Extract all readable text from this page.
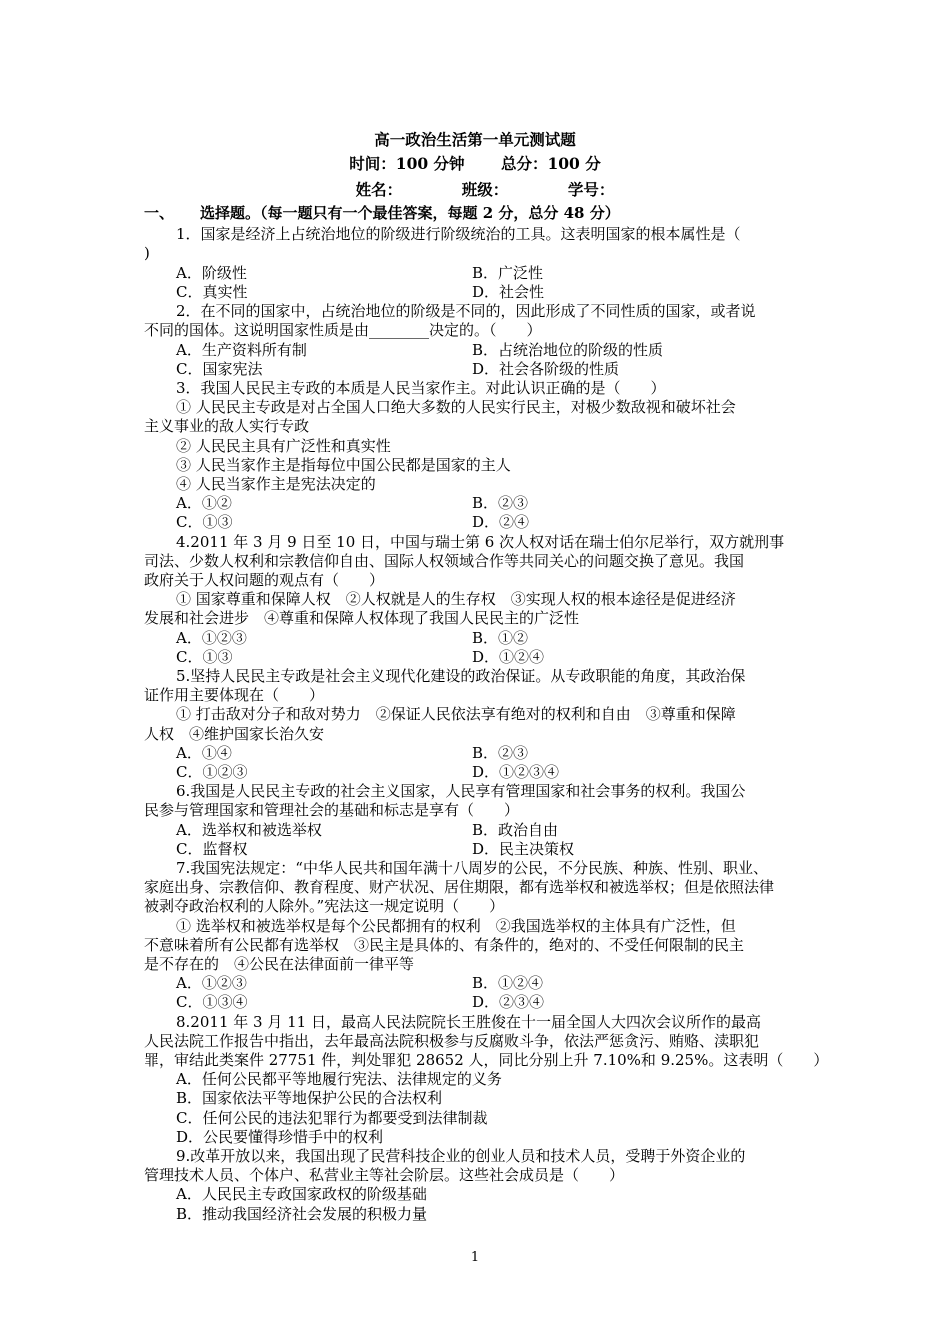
高一政治生活第一单元测试题
时间：100 分钟　　 总分：100 分
姓名：　　　　 班级：　　　　 学号：
一、 选择题。（每一题只有一个最佳答案，每题 2 分，总分 48 分）
1．国家是经济上占统治地位的阶级进行阶级统治的工具。这表明国家的根本属性是（
)
A．阶级性	B．广泛性
C．真实性	D．社会性
2．在不同的国家中，占统治地位的阶级是不同的，因此形成了不同性质的国家，或者说
不同的国体。这说明国家性质是由________决定的。（　　）
A．生产资料所有制	B．占统治地位的阶级的性质
C．国家宪法	D．社会各阶级的性质
3．我国人民民主专政的本质是人民当家作主。对此认识正确的是（　　）
① 人民民主专政是对占全国人口绝大多数的人民实行民主，对极少数敌视和破坏社会
主义事业的敌人实行专政
② 人民民主具有广泛性和真实性
③ 人民当家作主是指每位中国公民都是国家的主人
④ 人民当家作主是宪法决定的
A．①②	B．②③
C．①③	D．②④
4.2011 年 3 月 9 日至 10 日，中国与瑞士第 6 次人权对话在瑞士伯尔尼举行，双方就刑事
司法、少数人权利和宗教信仰自由、国际人权领域合作等共同关心的问题交换了意见。我国
政府关于人权问题的观点有（　　）
① 国家尊重和保障人权　②人权就是人的生存权　③实现人权的根本途径是促进经济
发展和社会进步　④尊重和保障人权体现了我国人民民主的广泛性
A．①②③	B．①②
C．①③	D．①②④
5.坚持人民民主专政是社会主义现代化建设的政治保证。从专政职能的角度，其政治保
证作用主要体现在（　　）
① 打击敌对分子和敌对势力　②保证人民依法享有绝对的权利和自由　③尊重和保障
人权　④维护国家长治久安
A．①④	B．②③
C．①②③	D．①②③④
6.我国是人民民主专政的社会主义国家，人民享有管理国家和社会事务的权利。我国公
民参与管理国家和管理社会的基础和标志是享有（　　）
A．选举权和被选举权	B．政治自由
C．监督权	D．民主决策权
7.我国宪法规定：“中华人民共和国年满十八周岁的公民，不分民族、种族、性别、职业、
家庭出身、宗教信仰、教育程度、财产状况、居住期限，都有选举权和被选举权；但是依照法律
被剥夺政治权利的人除外。”宪法这一规定说明（　　）
① 选举权和被选举权是每个公民都拥有的权利　②我国选举权的主体具有广泛性，但
不意味着所有公民都有选举权　③民主是具体的、有条件的，绝对的、不受任何限制的民主
是不存在的　④公民在法律面前一律平等
A．①②③	B．①②④
C．①③④	D．②③④
8.2011 年 3 月 11 日，最高人民法院院长王胜俊在十一届全国人大四次会议所作的最高
人民法院工作报告中指出，去年最高法院积极参与反腐败斗争，依法严惩贪污、贿赂、渎职犯
罪，审结此类案件 27751 件，判处罪犯 28652 人，同比分别上升 7.10%和 9.25%。这表明（　　）
A．任何公民都平等地履行宪法、法律规定的义务
B．国家依法平等地保护公民的合法权利
C．任何公民的违法犯罪行为都要受到法律制裁
D．公民要懂得珍惜手中的权利
9.改革开放以来，我国出现了民营科技企业的创业人员和技术人员，受聘于外资企业的
管理技术人员、个体户、私营业主等社会阶层。这些社会成员是（　　）
A．人民民主专政国家政权的阶级基础
B．推动我国经济社会发展的积极力量
1
